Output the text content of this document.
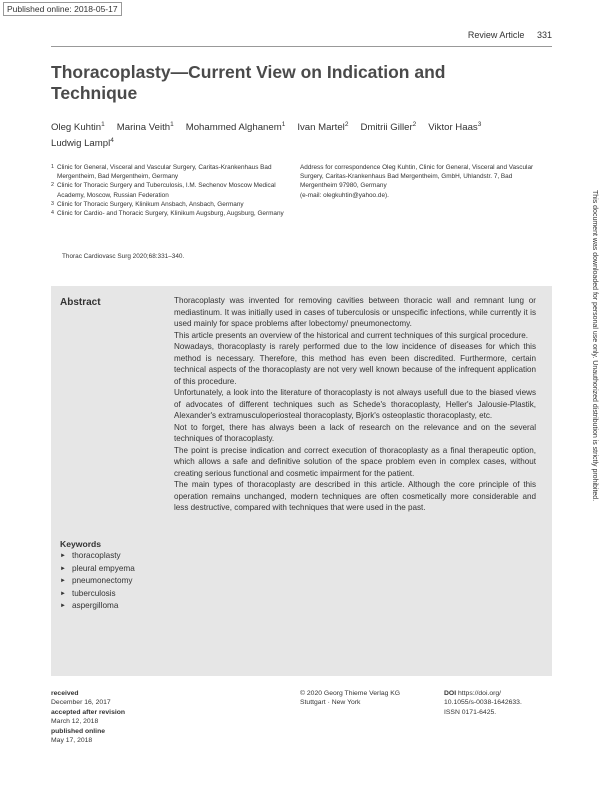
Published online: 2018-05-17
Review Article 331
Thoracoplasty—Current View on Indication and Technique
Oleg Kuhtin$^1$ Marina Veith$^1$ Mohammed Alghanem$^1$ Ivan Martel$^2$ Dmitrii Giller$^2$ Viktor Haas$^3$
Ludwig Lampl$^4$
1 Clinic for General, Visceral and Vascular Surgery, Caritas-Krankenhaus Bad Mergentheim, Bad Mergentheim, Germany
2 Clinic for Thoracic Surgery and Tuberculosis, I.M. Sechenov Moscow Medical Academy, Moscow, Russian Federation
3 Clinic for Thoracic Surgery, Klinikum Ansbach, Ansbach, Germany
4 Clinic for Cardio- and Thoracic Surgery, Klinikum Augsburg, Augsburg, Germany
Address for correspondence Oleg Kuhtin, Clinic for General, Visceral and Vascular Surgery, Caritas-Krankenhaus Bad Mergentheim, GmbH, Uhlandstr. 7, Bad Mergentheim 97980, Germany
(e-mail: olegkuhtin@yahoo.de).
Thorac Cardiovasc Surg 2020;68:331–340.
Abstract	Thoracoplasty was invented for removing cavities between thoracic wall and remnant lung or mediastinum. It was initially used in cases of tuberculosis or unspecific infections, while currently it is used mainly for space problems after lobectomy/ pneumonectomy.

This article presents an overview of the historical and current techniques of this surgical procedure.

Nowadays, thoracoplasty is rarely performed due to the low incidence of diseases for which this method is necessary. Therefore, this method has even been discredited. Furthermore, certain technical aspects of the thoracoplasty are not very well known because of the infrequent application of this procedure.

Unfortunately, a look into the literature of thoracoplasty is not always usefull due to the biased views of advocates of different techniques such as Schede's thoracoplasty, Heller's Jalousie-Plastik, Alexander's extramusculoperiosteal thoracoplasty, Bjork's osteoplastic thoracoplasty, etc.

Not to forget, there has always been a lack of research on the relevance and on the several techniques of thoracoplasty.

The point is precise indication and correct execution of thoracoplasty as a final therapeutic option, which allows a safe and definitive solution of the space problem even in complex cases, without creating serious functional and cosmetic impairment for the patient.

The main types of thoracoplasty are described in this article. Although the core principle of this operation remains unchanged, modern techniques are often cosmetically more considerable and less destructive, compared with techniques that were used in the past.

Keywords
► thoracoplasty
► pleural empyema
► pneumonectomy
► tuberculosis
► aspergilloma
received
December 16, 2017
accepted after revision
March 12, 2018
published online
May 17, 2018
© 2020 Georg Thieme Verlag KG
Stuttgart · New York
DOI https://doi.org/
10.1055/s-0038-1642633.
ISSN 0171-6425.
This document was downloaded for personal use only. Unauthorized distribution is strictly prohibited.
